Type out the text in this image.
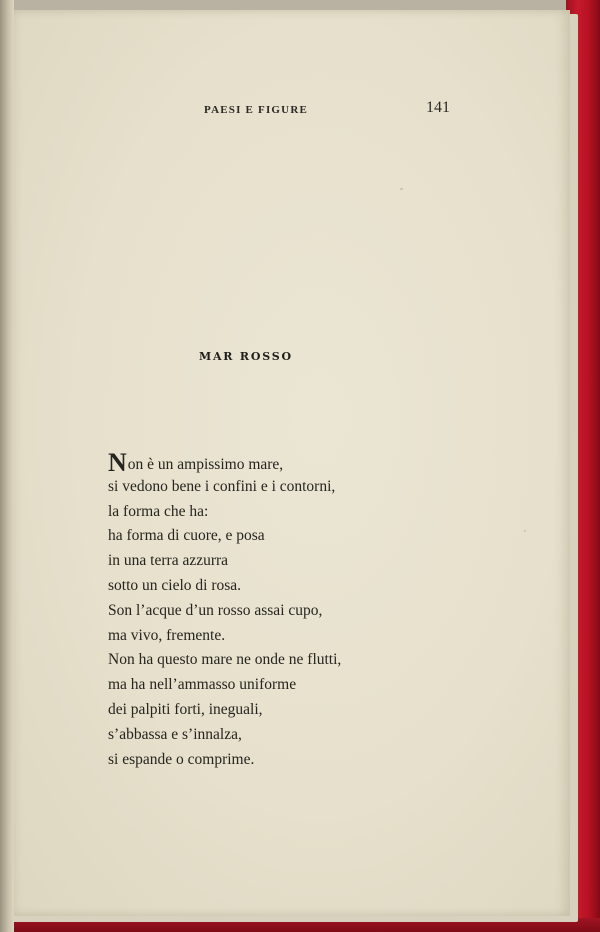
PAESI E FIGURE	141
MAR ROSSO
Non è un ampissimo mare,
si vedono bene i confini e i contorni,
la forma che ha:
ha forma di cuore, e posa
in una terra azzurra
sotto un cielo di rosa.
Son l’acque d’un rosso assai cupo,
ma vivo, fremente.
Non ha questo mare ne onde ne flutti,
ma ha nell’ammasso uniforme
dei palpiti forti, ineguali,
s’abbassa e s’innalza,
si espande o comprime.
